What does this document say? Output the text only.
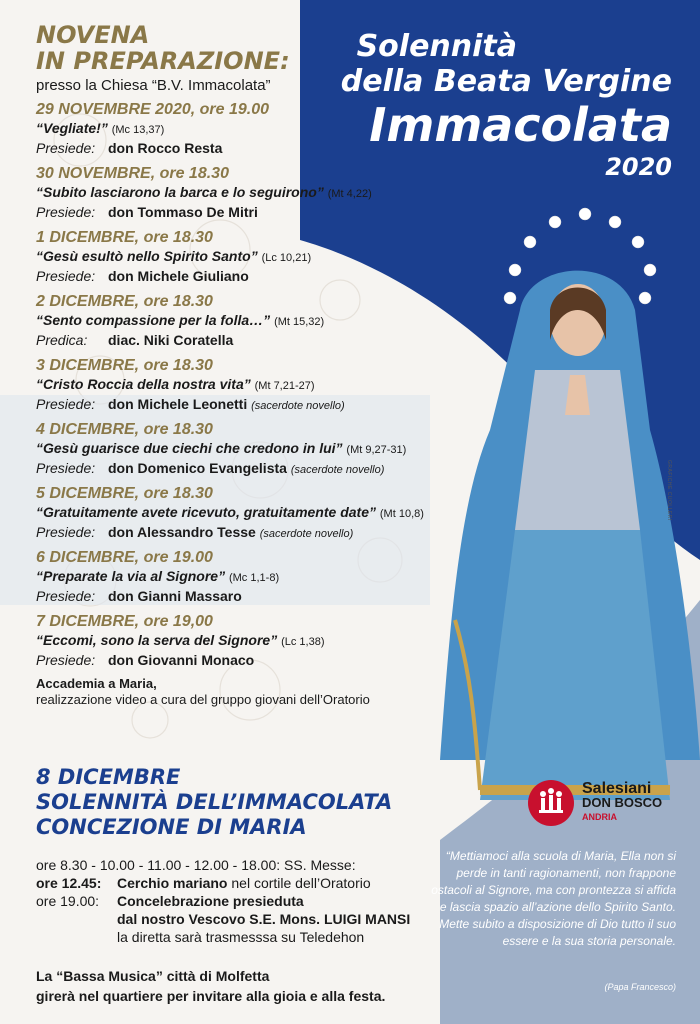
GRAFICHE CUOLLERI
Solennità
della Beata Vergine
Immacolata
2020
NOVENA
IN PREPARAZIONE:
presso la Chiesa “B.V. Immacolata”
29 NOVEMBRE 2020, ore 19.00
“Vegliate!” (Mc 13,37)
Presiede: don Rocco Resta
30 NOVEMBRE, ore 18.30
“Subito lasciarono la barca e lo seguirono” (Mt 4,22)
Presiede: don Tommaso De Mitri
1 DICEMBRE, ore 18.30
“Gesù esultò nello Spirito Santo” (Lc 10,21)
Presiede: don Michele Giuliano
2 DICEMBRE, ore 18.30
“Sento compassione per la folla…” (Mt 15,32)
Predica: diac. Niki Coratella
3 DICEMBRE, ore 18.30
“Cristo Roccia della nostra vita” (Mt 7,21-27)
Presiede: don Michele Leonetti (sacerdote novello)
4 DICEMBRE, ore 18.30
“Gesù guarisce due ciechi che credono in lui” (Mt 9,27-31)
Presiede: don Domenico Evangelista (sacerdote novello)
5 DICEMBRE, ore 18.30
“Gratuitamente avete ricevuto, gratuitamente date” (Mt 10,8)
Presiede: don Alessandro Tesse (sacerdote novello)
6 DICEMBRE, ore 19.00
“Preparate la via al Signore” (Mc 1,1-8)
Presiede: don Gianni Massaro
7 DICEMBRE, ore 19,00
“Eccomi, sono la serva del Signore” (Lc 1,38)
Presiede: don Giovanni Monaco
Accademia a Maria,
realizzazione video a cura del gruppo giovani dell’Oratorio
8 DICEMBRE
SOLENNITÀ DELL’IMMACOLATA
CONCEZIONE DI MARIA
ore 8.30 - 10.00 - 11.00 - 12.00 - 18.00: SS. Messe:
ore 12.45:	Cerchio mariano nel cortile dell’Oratorio
ore 19.00:	Concelebrazione presieduta
dal nostro Vescovo S.E. Mons. LUIGI MANSI
la diretta sarà trasmesssa su Teledehon
La “Bassa Musica” città di Molfetta
girerà nel quartiere per invitare alla gioia e alla festa.
Salesiani
DON BOSCO
ANDRIA
“Mettiamoci alla scuola di Maria, Ella non si perde in tanti ragionamenti, non frappone ostacoli al Signore, ma con prontezza si affida e lascia spazio all’azione dello Spirito Santo. Mette subito a disposizione di Dio tutto il suo essere e la sua storia personale.
(Papa Francesco)
